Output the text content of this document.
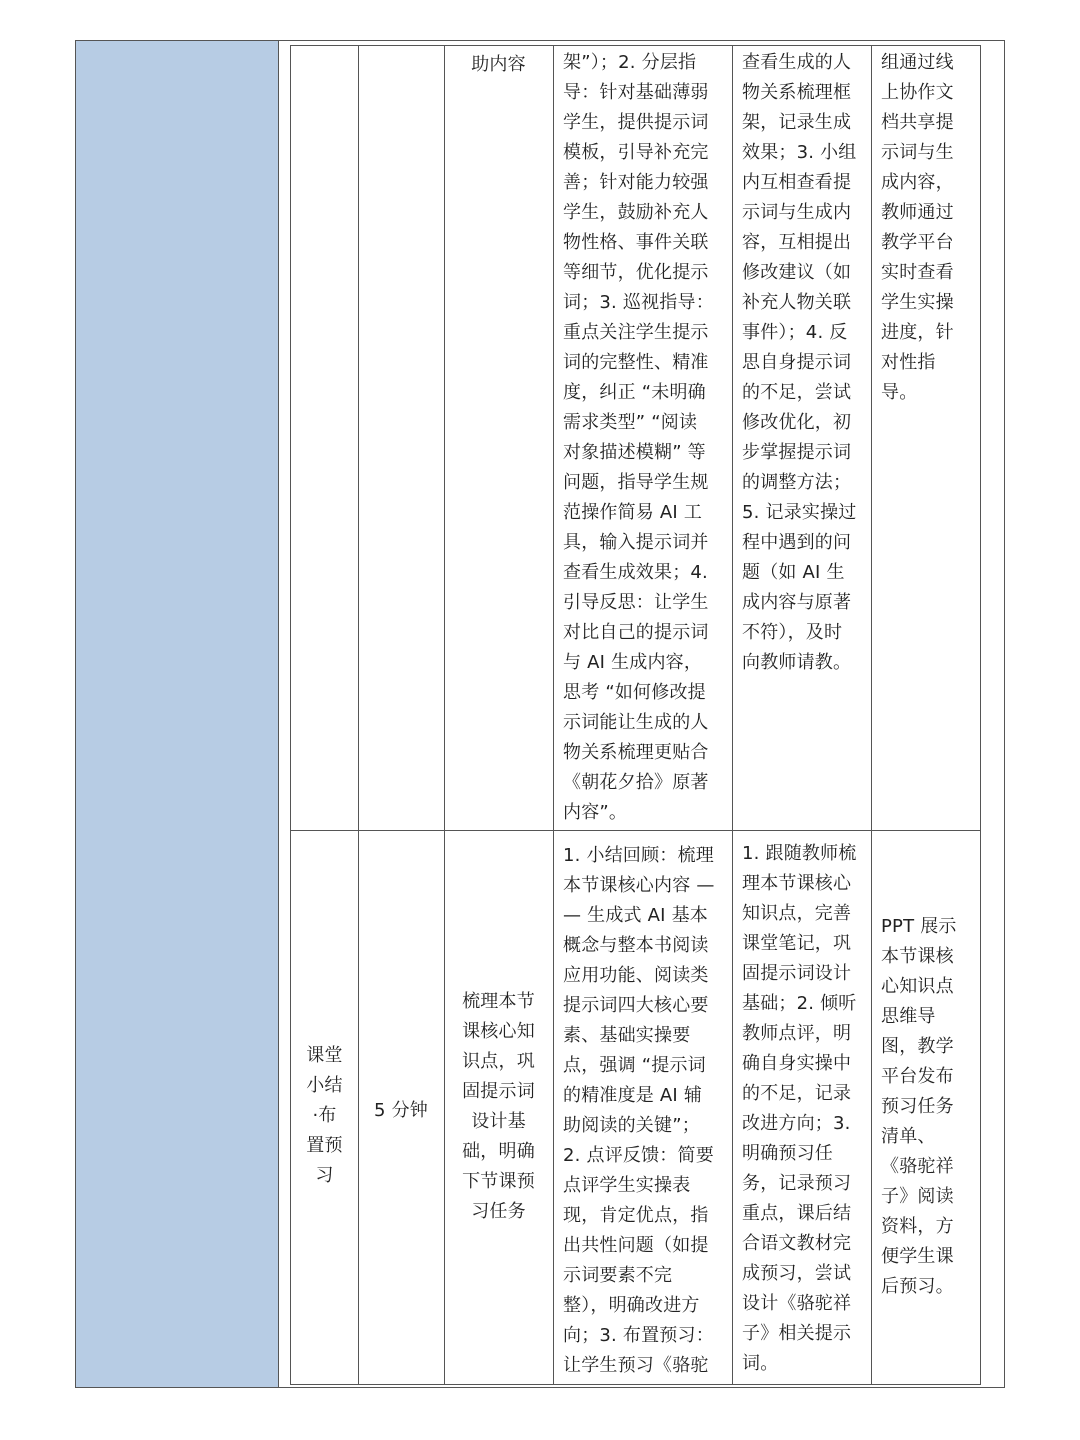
助内容	架”）；2. 分层指
导：针对基础薄弱
学生，提供提示词
模板，引导补充完
善；针对能力较强
学生，鼓励补充人
物性格、事件关联
等细节，优化提示
词；3. 巡视指导：
重点关注学生提示
词的完整性、精准
度，纠正 “未明确
需求类型” “阅读
对象描述模糊” 等
问题，指导学生规
范操作简易 AI 工
具，输入提示词并
查看生成效果；4.
引导反思：让学生
对比自己的提示词
与 AI 生成内容，
思考 “如何修改提
示词能让生成的人
物关系梳理更贴合
《朝花夕拾》原著
内容”。
查看生成的人
物关系梳理框
架，记录生成
效果；3. 小组
内互相查看提
示词与生成内
容，互相提出
修改建议（如
补充人物关联
事件）；4. 反
思自身提示词
的不足，尝试
修改优化，初
步掌握提示词
的调整方法；
5. 记录实操过
程中遇到的问
题（如 AI 生
成内容与原著
不符），及时
向教师请教。
组通过线
上协作文
档共享提
示词与生
成内容，
教师通过
教学平台
实时查看
学生实操
进度，针
对性指
导。
课堂
小结
·布
置预
习
5 分钟
梳理本节
课核心知
识点，巩
固提示词
设计基
础，明确
下节课预
习任务
1. 小结回顾：梳理
本节课核心内容 —
— 生成式 AI 基本
概念与整本书阅读
应用功能、阅读类
提示词四大核心要
素、基础实操要
点，强调 “提示词
的精准度是 AI 辅
助阅读的关键”；
2. 点评反馈：简要
点评学生实操表
现，肯定优点，指
出共性问题（如提
示词要素不完
整），明确改进方
向；3. 布置预习：
让学生预习《骆驼
1. 跟随教师梳
理本节课核心
知识点，完善
课堂笔记，巩
固提示词设计
基础；2. 倾听
教师点评，明
确自身实操中
的不足，记录
改进方向；3.
明确预习任
务，记录预习
重点，课后结
合语文教材完
成预习，尝试
设计《骆驼祥
子》相关提示
词。
PPT 展示
本节课核
心知识点
思维导
图，教学
平台发布
预习任务
清单、
《骆驼祥
子》阅读
资料，方
便学生课
后预习。
